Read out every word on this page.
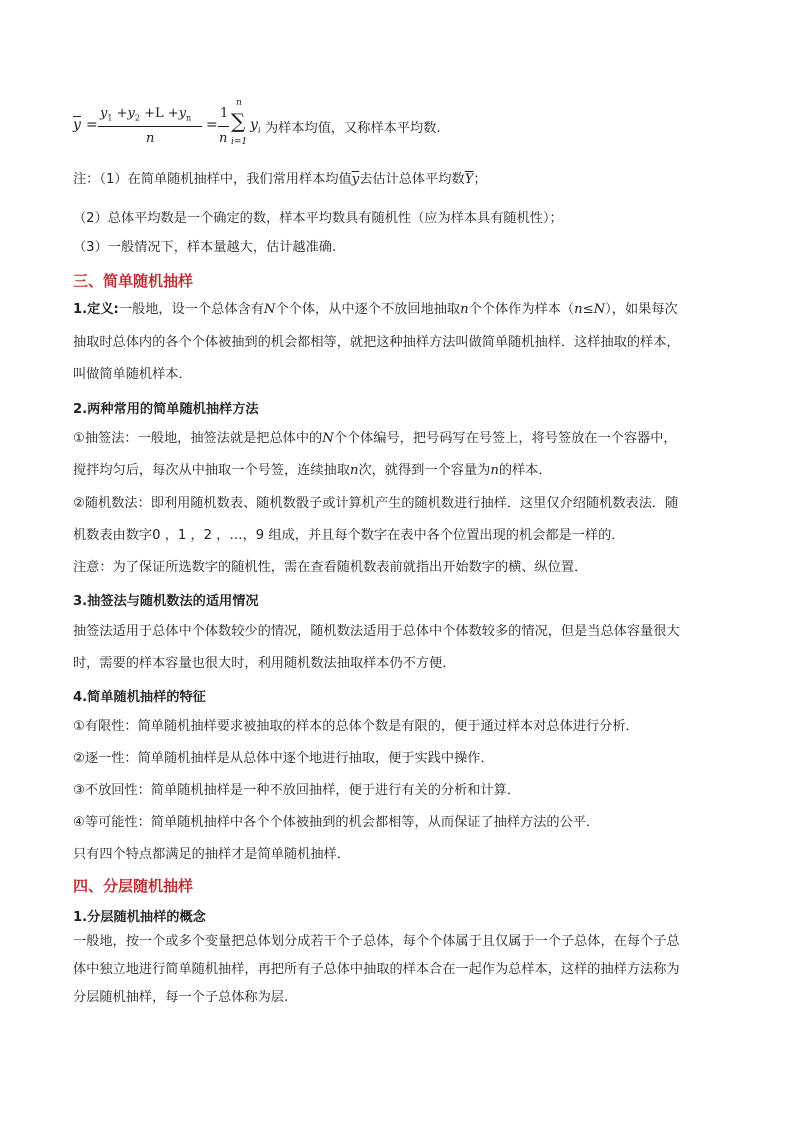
$\overline{y}$ =
$y_1 +y_2 +L +y_n$
n
=
1
n
n
∑
i=1
y i 为样本均值，又称样本平均数.
注：（1）在简单随机抽样中，我们常用样本均值$\overline{y}$去估计总体平均数$\overline{Y}$；
（2）总体平均数是一个确定的数，样本平均数具有随机性（应为样本具有随机性）；
（3）一般情况下，样本量越大，估计越准确.
三、简单随机抽样
1.定义:一般地，设一个总体含有N个个体，从中逐个不放回地抽取n个个体作为样本（n≤N），如果每次
抽取时总体内的各个个体被抽到的机会都相等，就把这种抽样方法叫做简单随机抽样．这样抽取的样本，
叫做简单随机样本．
2.两种常用的简单随机抽样方法
①抽签法：一般地，抽签法就是把总体中的N个个体编号，把号码写在号签上，将号签放在一个容器中，
搅拌均匀后，每次从中抽取一个号签，连续抽取n次，就得到一个容量为n的样本．
②随机数法：即利用随机数表、随机数骰子或计算机产生的随机数进行抽样．这里仅介绍随机数表法．随
机数表由数字0 ，1 ，2 ，…，9 组成，并且每个数字在表中各个位置出现的机会都是一样的．
注意：为了保证所选数字的随机性，需在查看随机数表前就指出开始数字的横、纵位置．
3.抽签法与随机数法的适用情况
抽签法适用于总体中个体数较少的情况，随机数法适用于总体中个体数较多的情况，但是当总体容量很大
时，需要的样本容量也很大时，利用随机数法抽取样本仍不方便．
4.简单随机抽样的特征
①有限性：简单随机抽样要求被抽取的样本的总体个数是有限的，便于通过样本对总体进行分析．
②逐一性：简单随机抽样是从总体中逐个地进行抽取，便于实践中操作．
③不放回性：简单随机抽样是一种不放回抽样，便于进行有关的分析和计算．
④等可能性：简单随机抽样中各个个体被抽到的机会都相等，从而保证了抽样方法的公平．
只有四个特点都满足的抽样才是简单随机抽样．
四、分层随机抽样
1.分层随机抽样的概念
一般地，按一个或多个变量把总体划分成若干个子总体，每个个体属于且仅属于一个子总体，在每个子总
体中独立地进行简单随机抽样，再把所有子总体中抽取的样本合在一起作为总样本，这样的抽样方法称为
分层随机抽样，每一个子总体称为层.
